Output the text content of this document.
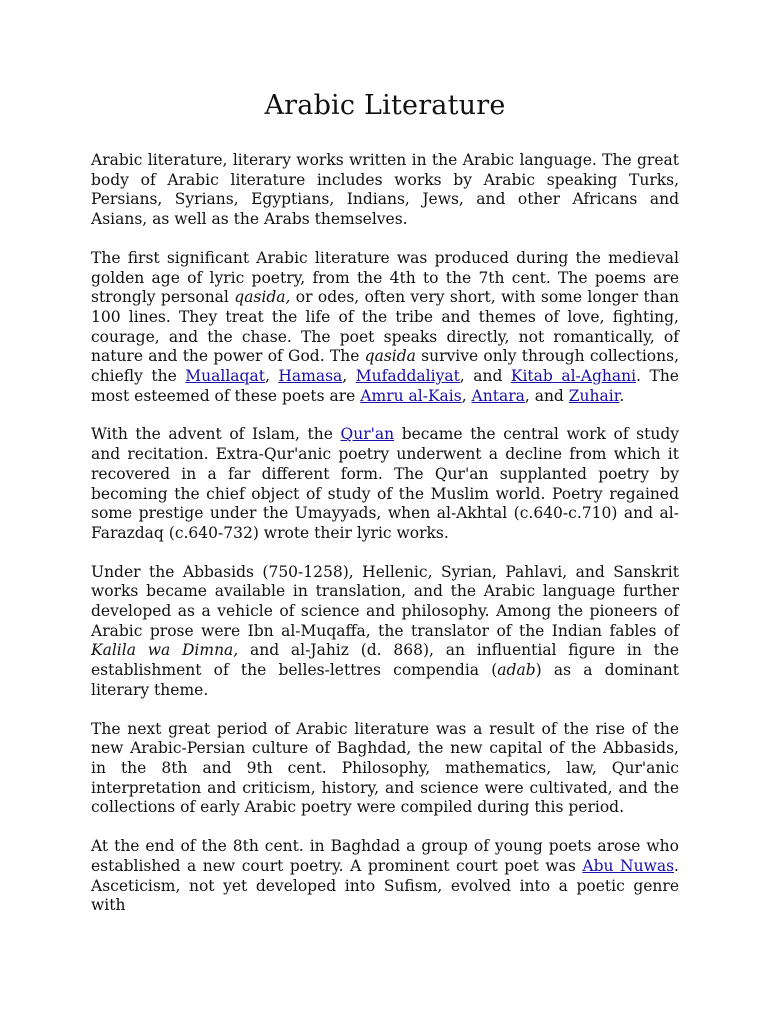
Arabic Literature

Arabic literature, literary works written in the Arabic language. The great body of Arabic literature includes works by Arabic speaking Turks, Persians, Syrians, Egyptians, Indians, Jews, and other Africans and Asians, as well as the Arabs themselves.

The first significant Arabic literature was produced during the medieval golden age of lyric poetry, from the 4th to the 7th cent. The poems are strongly personal qasida, or odes, often very short, with some longer than 100 lines. They treat the life of the tribe and themes of love, fighting, courage, and the chase. The poet speaks directly, not romantically, of nature and the power of God. The qasida survive only through collections, chiefly the Muallaqat, Hamasa, Mufaddaliyat, and Kitab al-Aghani. The most esteemed of these poets are Amru al-Kais, Antara, and Zuhair.

With the advent of Islam, the Qur'an became the central work of study and recitation. Extra-Qur'anic poetry underwent a decline from which it recovered in a far different form. The Qur'an supplanted poetry by becoming the chief object of study of the Muslim world. Poetry regained some prestige under the Umayyads, when al-Akhtal (c.640-c.710) and al-Farazdaq (c.640-732) wrote their lyric works.

Under the Abbasids (750-1258), Hellenic, Syrian, Pahlavi, and Sanskrit works became available in translation, and the Arabic language further developed as a vehicle of science and philosophy. Among the pioneers of Arabic prose were Ibn al-Muqaffa, the translator of the Indian fables of Kalila wa Dimna, and al-Jahiz (d. 868), an influential figure in the establishment of the belles-lettres compendia (adab) as a dominant literary theme.

The next great period of Arabic literature was a result of the rise of the new Arabic-Persian culture of Baghdad, the new capital of the Abbasids, in the 8th and 9th cent. Philosophy, mathematics, law, Qur'anic interpretation and criticism, history, and science were cultivated, and the collections of early Arabic poetry were compiled during this period.

At the end of the 8th cent. in Baghdad a group of young poets arose who established a new court poetry. A prominent court poet was Abu Nuwas. Asceticism, not yet developed into Sufism, evolved into a poetic genre with
